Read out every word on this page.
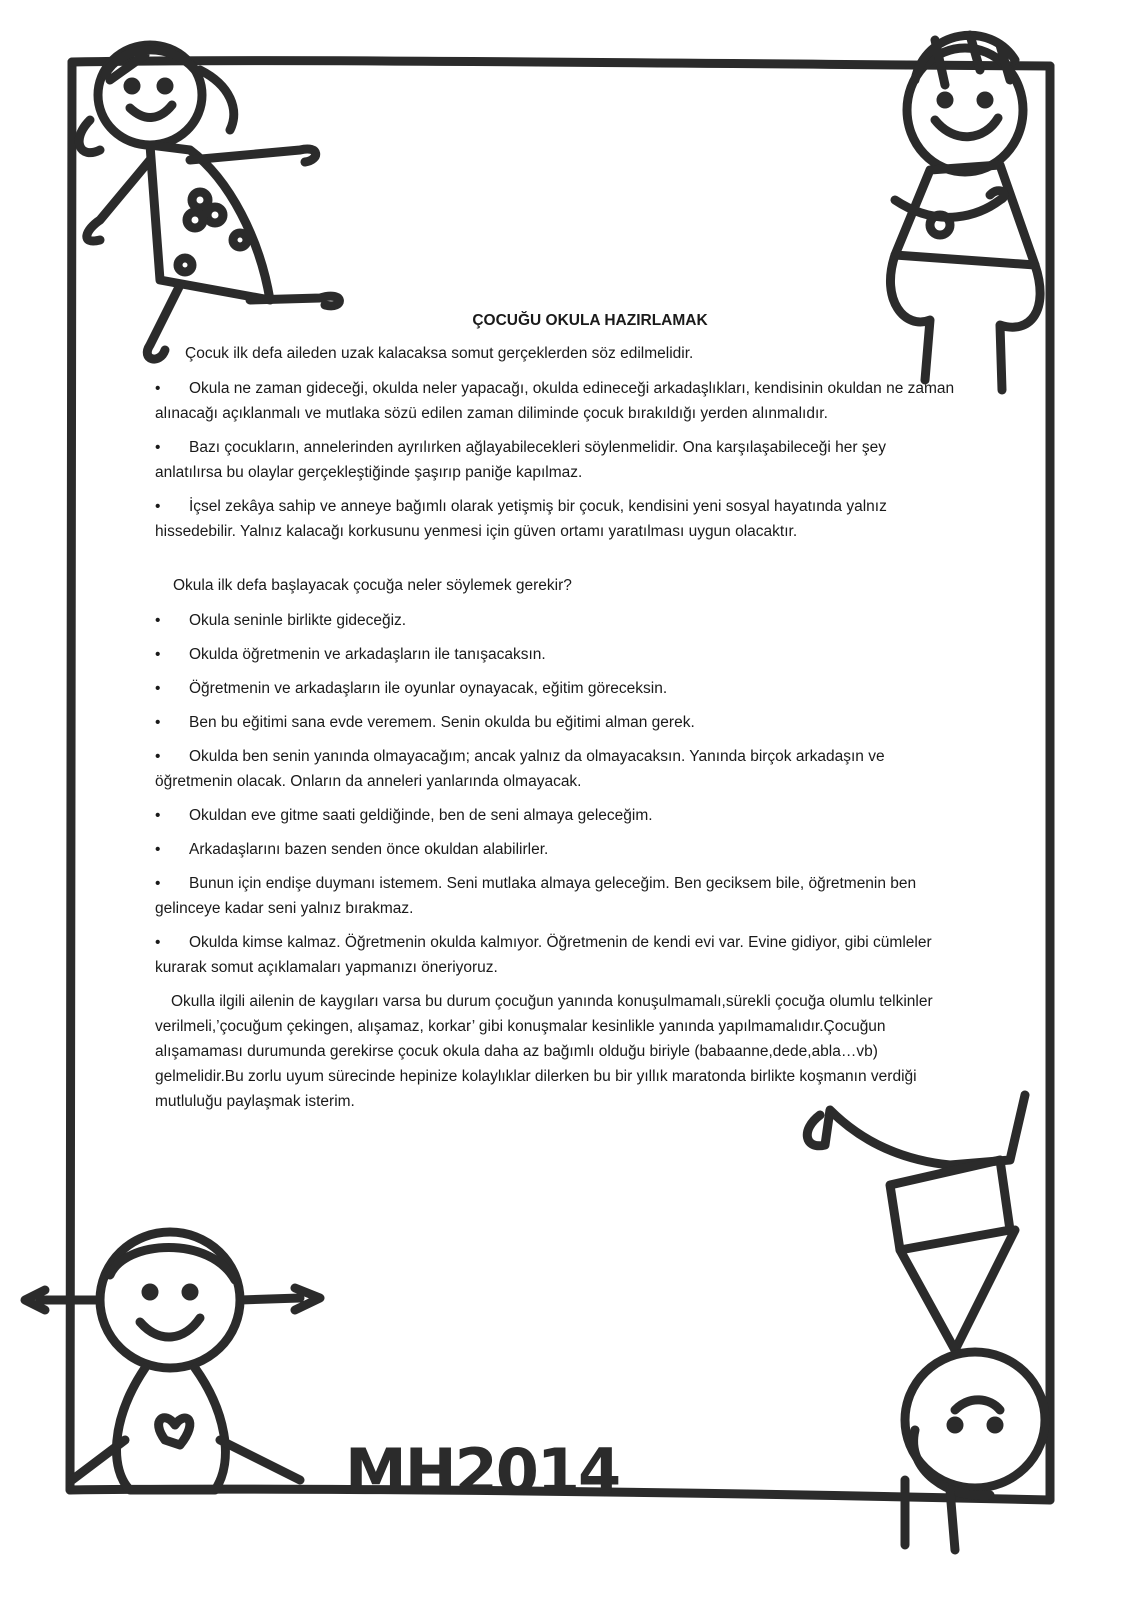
ÇOCUĞU OKULA HAZIRLAMAK

Çocuk ilk defa aileden uzak kalacaksa somut gerçeklerden söz edilmelidir.

• Okula ne zaman gideceği, okulda neler yapacağı, okulda edineceği arkadaşlıkları, kendisinin okuldan ne zaman alınacağı açıklanmalı ve mutlaka sözü edilen zaman diliminde çocuk bırakıldığı yerden alınmalıdır.

• Bazı çocukların, annelerinden ayrılırken ağlayabilecekleri söylenmelidir. Ona karşılaşabileceği her şey anlatılırsa bu olaylar gerçekleştiğinde şaşırıp paniğe kapılmaz.

• İçsel zekâya sahip ve anneye bağımlı olarak yetişmiş bir çocuk, kendisini yeni sosyal hayatında yalnız hissedebilir. Yalnız kalacağı korkusunu yenmesi için güven ortamı yaratılması uygun olacaktır.

Okula ilk defa başlayacak çocuğa neler söylemek gerekir?

• Okula seninle birlikte gideceğiz.

• Okulda öğretmenin ve arkadaşların ile tanışacaksın.

• Öğretmenin ve arkadaşların ile oyunlar oynayacak, eğitim göreceksin.

• Ben bu eğitimi sana evde veremem. Senin okulda bu eğitimi alman gerek.

• Okulda ben senin yanında olmayacağım; ancak yalnız da olmayacaksın. Yanında birçok arkadaşın ve öğretmenin olacak. Onların da anneleri yanlarında olmayacak.

• Okuldan eve gitme saati geldiğinde, ben de seni almaya geleceğim.

• Arkadaşlarını bazen senden önce okuldan alabilirler.

• Bunun için endişe duymanı istemem. Seni mutlaka almaya geleceğim. Ben geciksem bile, öğretmenin ben gelinceye kadar seni yalnız bırakmaz.

• Okulda kimse kalmaz. Öğretmenin okulda kalmıyor. Öğretmenin de kendi evi var. Evine gidiyor, gibi cümleler kurarak somut açıklamaları yapmanızı öneriyoruz.

Okulla ilgili ailenin de kaygıları varsa bu durum çocuğun yanında konuşulmamalı,sürekli çocuğa olumlu telkinler verilmeli,’çocuğum çekingen, alışamaz, korkar’ gibi konuşmalar kesinlikle yanında yapılmamalıdır.Çocuğun alışamaması durumunda gerekirse çocuk okula daha az bağımlı olduğu biriyle (babaanne,dede,abla…vb) gelmelidir.Bu zorlu uyum sürecinde hepinize kolaylıklar dilerken bu bir yıllık maratonda birlikte koşmanın verdiği mutluluğu paylaşmak isterim.

MH2014
